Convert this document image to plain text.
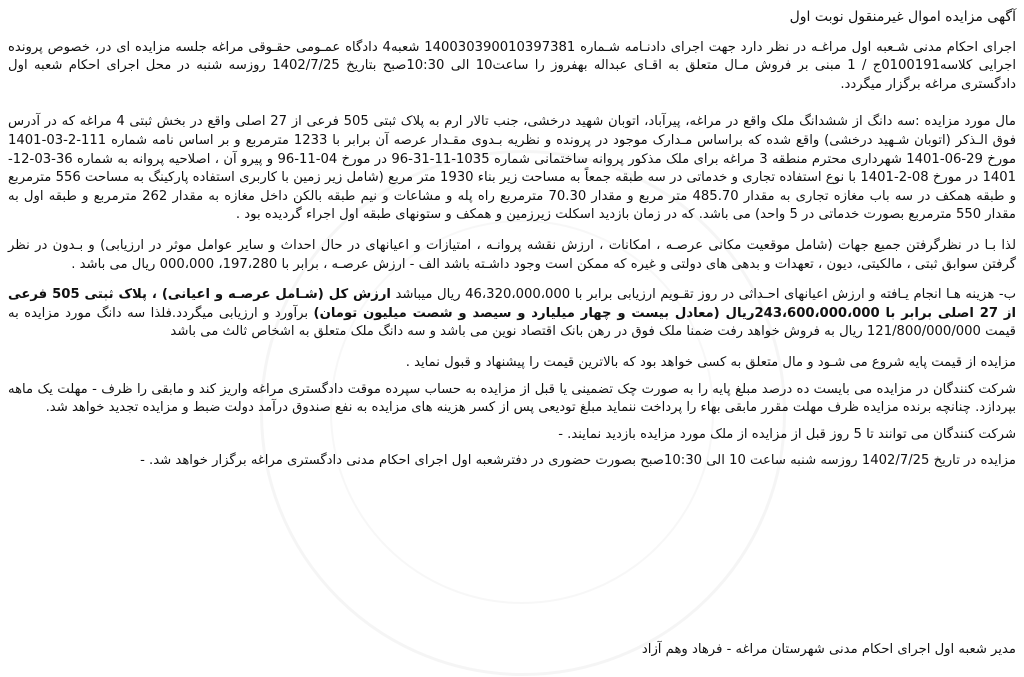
آگهی مزایده اموال غیرمنقول نوبت اول

اجرای احکام مدنی شـعبه اول مراغـه در نظر دارد جهت اجرای دادنـامه شـماره 140030390010397381 شعبه4 دادگاه عمـومی حقـوقی مراغه جلسه مزایده ای در، خصوص پرونده اجرایی کلاسه0100191ج / 1 مبنی بر فروش مـال متعلق به اقـای عبداله بهفروز را ساعت10 الی 10:30صبح بتاریخ 1402/7/25 روزسه شنبه در محل اجرای احکام شعبه اول دادگستری مراغه برگزار میگردد.

مال مورد مزایده :سه دانگ از ششدانگ ملک واقع در مراغه، پیرآباد، اتوبان شهید درخشی، جنب تالار ارم به پلاک ثبتی 505 فرعی از 27 اصلی واقع در بخش ثبتی 4 مراغه که در آدرس فوق الـذکر (اتوبان شـهید درخشی) واقع شده که براساس مـدارک موجود در پرونده و نظریه بـدوی مقـدار عرصه آن برابر با 1233 مترمربع و بر اساس نامه شماره 111-2-03-1401 مورخ 29-06-1401 شهرداری محترم منطقه 3 مراغه برای ملک مذکور پروانه ساختمانی شماره 1035-11-31-96 در مورخ 04-11-96 و پیرو آن ، اصلاحیه پروانه به شماره 36-03-12-1401 در مورخ 08-2-1401 با نوع استفاده تجاری و خدماتی در سه طبقه جمعاً به مساحت زیر بناء 1930 متر مربع (شامل زیر زمین با کاربری استفاده پارکینگ به مساحت 556 مترمربع و طبقه همکف در سه باب مغازه تجاری به مقدار 485.70 متر مربع و مقدار 70.30 مترمربع راه پله و مشاعات و نیم طبقه بالکن داخل مغازه به مقدار 262 مترمربع و طبقه اول به مقدار 550 مترمربع بصورت خدماتی در 5 واحد) می باشد. که در زمان بازدید اسکلت زیرزمین و همکف و ستونهای طبقه اول اجراء گردیده بود .

لذا بـا در نظرگرفتن جمیع جهات (شامل موقعیت مکانی عرصـه ، امکانات ، ارزش نقشه پروانـه ، امتیازات و اعیانهای در حال احداث و سایر عوامل موثر در ارزیابی) و بـدون در نظر گرفتن سوابق ثبتی ، مالکیتی، دیون ، تعهدات و بدهی های دولتی و غیره که ممکن است وجود داشـته باشد الف - ارزش عرصـه ، برابر با 197،280، 000،000 ریال می باشد .

ب- هزینه هـا انجام یـافته و ارزش اعیانهای احـداثی در روز تقـویم ارزیابی برابر با 46،320،000،000 ریال میباشد ارزش کل (شـامل عرصـه و اعیانی) ، پلاک ثبتی 505 فرعی از 27 اصلی برابر با 243،600،000،000ریال (معادل بیست و چهار میلیارد و سیصد و شصت میلیون تومان) برآورد و ارزیابی میگردد.فلذا سه دانگ مورد مزایده به قیمت 121/800/000/000 ریال به فروش خواهد رفت ضمنا ملک فوق در رهن بانک اقتصاد نوین می باشد و سه دانگ ملک متعلق به اشخاص ثالث می باشد

مزایده از قیمت پایه شروع می شـود و مال متعلق به کسی خواهد بود که بالاترین قیمت را پیشنهاد و قبول نماید .

شرکت کنندگان در مزایده می بایست ده درصد مبلغ پایه را به صورت چک تضمینی یا قبل از مزایده به حساب سپرده موقت دادگستری مراغه واریز کند و مابقی را ظرف - مهلت یک ماهه بپردازد. چنانچه برنده مزایده ظرف مهلت مقرر مابقی بهاء را پرداخت ننماید مبلغ تودیعی پس از کسر هزینه های مزایده به نفع صندوق درآمد دولت ضبط و مزایده تجدید خواهد شد.

شرکت کنندگان می توانند تا 5 روز قبل از مزایده از ملک مورد مزایده بازدید نمایند. -

مزایده در تاریخ 1402/7/25 روزسه شنبه ساعت 10 الی 10:30صبح بصورت حضوری در دفترشعبه اول اجرای احکام مدنی دادگستری مراغه برگزار خواهد شد. -

مدیر شعبه اول اجرای احکام مدنی شهرستان مراغه - فرهاد وهم آزاد
